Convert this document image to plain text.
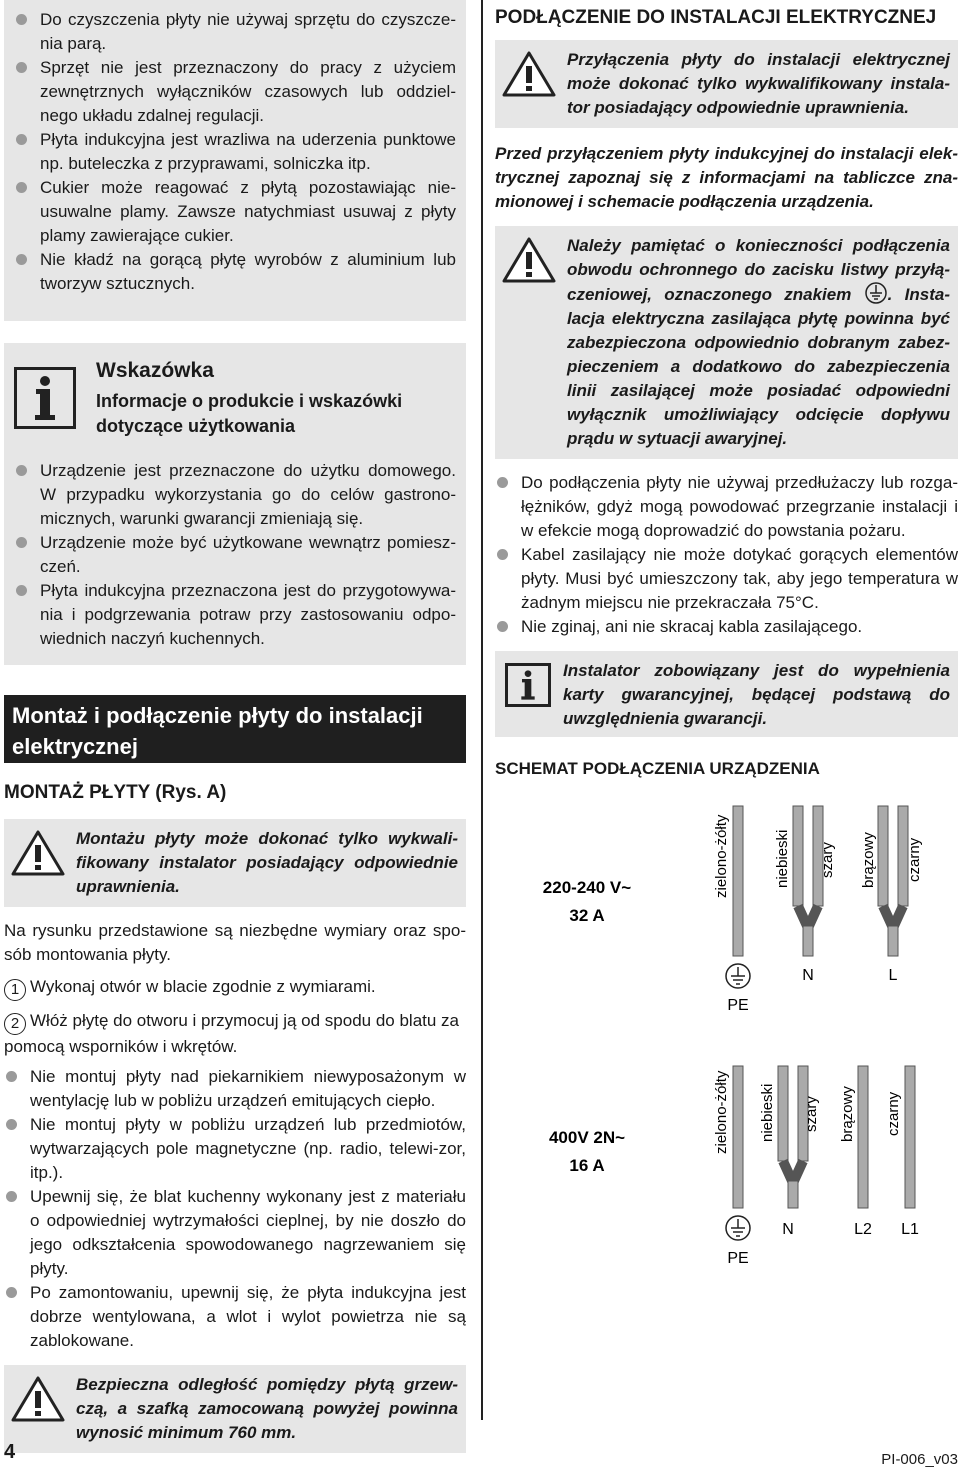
Do czyszczenia płyty nie używaj sprzętu do czyszcze-nia parą.
Sprzęt nie jest przeznaczony do pracy z użyciem zewnętrznych wyłączników czasowych lub oddziel-nego układu zdalnej regulacji.
Płyta indukcyjna jest wrazliwa na uderzenia punktowe np. buteleczka z przyprawami, solniczka itp.
Cukier może reagować z płytą pozostawiając nie-usuwalne plamy. Zawsze natychmiast usuwaj z płyty plamy zawierające cukier.
Nie kładź na gorącą płytę wyrobów z aluminium lub tworzyw sztucznych.
Wskazówka
Informacje o produkcie i wskazówki dotyczące użytkowania
Urządzenie jest przeznaczone do użytku domowego. W przypadku wykorzystania go do celów gastrono-micznych, warunki gwarancji zmieniają się.
Urządzenie może być użytkowane wewnątrz pomiesz-czeń.
Płyta indukcyjna przeznaczona jest do przygotowywa-nia i podgrzewania potraw przy zastosowaniu odpo-wiednich naczyń kuchennych.
Montaż i podłączenie płyty do instalacji elektrycznej
MONTAŻ PŁYTY (Rys. A)
Montażu płyty może dokonać tylko wykwali-fikowany instalator posiadający odpowiednie uprawnienia.
Na rysunku przedstawione są niezbędne wymiary oraz spo-sób montowania płyty.
1 Wykonaj otwór w blacie zgodnie z wymiarami.
2 Włóż płytę do otworu i przymocuj ją od spodu do blatu za pomocą wsporników i wkrętów.
Nie montuj płyty nad piekarnikiem niewyposażonym w wentylację lub w pobliżu urządzeń emitujących ciepło.
Nie montuj płyty w pobliżu urządzeń lub przedmiotów, wytwarzających pole magnetyczne (np. radio, telewi-zor, itp.).
Upewnij się, że blat kuchenny wykonany jest z materiału o odpowiedniej wytrzymałości cieplnej, by nie doszło do jego odkształcenia spowodowanego nagrzewaniem się płyty.
Po zamontowaniu, upewnij się, że płyta indukcyjna jest dobrze wentylowana, a wlot i wylot powietrza nie są zablokowane.
Bezpieczna odległość pomiędzy płytą grzew-czą, a szafką zamocowaną powyżej powinna wynosić minimum 760 mm.
PODŁĄCZENIE DO INSTALACJI ELEKTRYCZNEJ
Przyłączenia płyty do instalacji elektrycznej może dokonać tylko wykwalifikowany instala-tor posiadający odpowiednie uprawnienia.
Przed przyłączeniem płyty indukcyjnej do instalacji elek-trycznej zapoznaj się z informacjami na tabliczce zna-mionowej i schemacie podłączenia urządzenia.
Należy pamiętać o konieczności podłączenia obwodu ochronnego do zacisku listwy przyłą-czeniowej, oznaczonego znakiem . Insta-lacja elektryczna zasilająca płytę powinna być zabezpieczona odpowiednio dobranym zabez-pieczeniem a dodatkowo do zabezpieczenia linii zasilającej może posiadać odpowiedni wyłącznik umożliwiający odcięcie dopływu prądu w sytuacji awaryjnej.
Do podłączenia płyty nie używaj przedłużaczy lub rozga-łężników, gdyż mogą powodować przegrzanie instalacji i w efekcie mogą doprowadzić do powstania pożaru.
Kabel zasilający nie może dotykać gorących elementów płyty. Musi być umieszczony tak, aby jego temperatura w żadnym miejscu nie przekraczała 75°C.
Nie zginaj, ani nie skracaj kabla zasilającego.
Instalator zobowiązany jest do wypełnienia karty gwarancyjnej, będącej podstawą do uwzględnienia gwarancji.
SCHEMAT PODŁĄCZENIA URZĄDZENIA
220-240 V~
32 A
zielono-żółty	niebieski szary brązowy czarny
PE
N	L
400V 2N~
16 A
zielono-żółty niebieski szary brązowy czarny
PE
N	L2 L1
4	PI-006_v03
